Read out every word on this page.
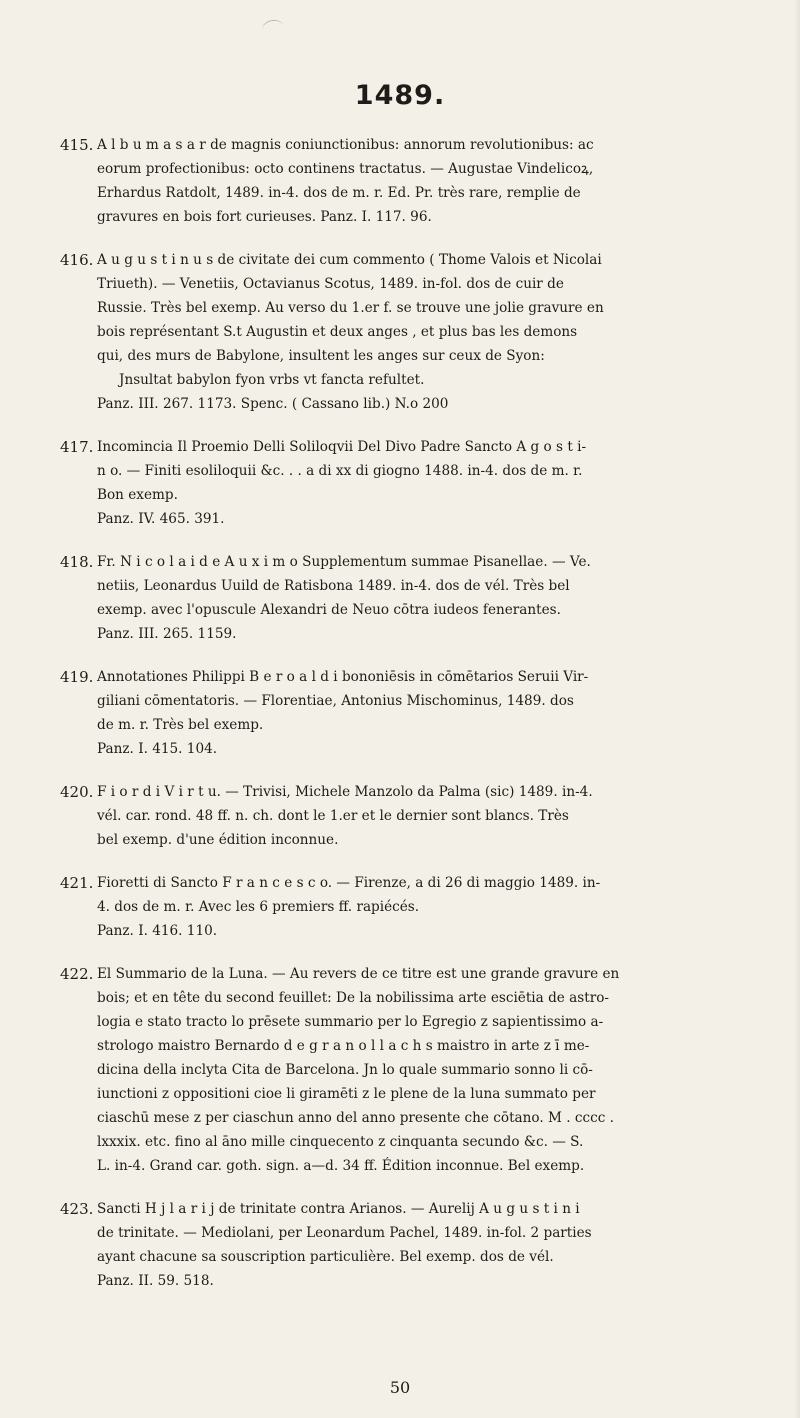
1489.
415. A l b u m a s a r de magnis coniunctionibus: annorum revolutionibus: ac
eorum profectionibus: octo continens tractatus. — Augustae Vindelicoꝝ,
Erhardus Ratdolt, 1489. in-4. dos de m. r. Ed. Pr. très rare, remplie de
gravures en bois fort curieuses. Panz. I. 117. 96.
416. A u g u s t i n u s de civitate dei cum commento ( Thome Valois et Nicolai
Triueth). — Venetiis, Octavianus Scotus, 1489. in-fol. dos de cuir de
Russie. Très bel exemp. Au verso du 1.er f. se trouve une jolie gravure en
bois représentant S.t Augustin et deux anges , et plus bas les demons
qui, des murs de Babylone, insultent les anges sur ceux de Syon:
Jnsultat babylon fyon vrbs vt fancta refultet.
Panz. III. 267. 1173. Spenc. ( Cassano lib.) N.o 200
417. Incomincia Il Proemio Delli Soliloqvii Del Divo Padre Sancto A g o s t i-
n o. — Finiti esoliloquii &c. . . a di xx di giogno 1488. in-4. dos de m. r.
Bon exemp.
Panz. IV. 465. 391.
418. Fr. N i c o l a i d e A u x i m o Supplementum summae Pisanellae. — Ve.
netiis, Leonardus Uuild de Ratisbona 1489. in-4. dos de vél. Très bel
exemp. avec l'opuscule Alexandri de Neuo cōtra iudeos fenerantes.
Panz. III. 265. 1159.
419. Annotationes Philippi B e r o a l d i bononiēsis in cōmētarios Seruii Vir-
giliani cōmentatoris. — Florentiae, Antonius Mischominus, 1489. dos
de m. r. Très bel exemp.
Panz. I. 415. 104.
420. F i o r d i V i r t u. — Trivisi, Michele Manzolo da Palma (sic) 1489. in-4.
vél. car. rond. 48 ff. n. ch. dont le 1.er et le dernier sont blancs. Très
bel exemp. d'une édition inconnue.
421. Fioretti di Sancto F r a n c e s c o. — Firenze, a di 26 di maggio 1489. in-
4. dos de m. r. Avec les 6 premiers ff. rapiécés.
Panz. I. 416. 110.
422. El Summario de la Luna. — Au revers de ce titre est une grande gravure en
bois; et en tête du second feuillet: De la nobilissima arte esciētia de astro-
logia e stato tracto lo prēsete summario per lo Egregio z sapientissimo a-
strologo maistro Bernardo d e g r a n o l l a c h s maistro in arte z ī me-
dicina della inclyta Cita de Barcelona. Jn lo quale summario sonno li cō-
iunctioni z oppositioni cioe li giramēti z le plene de la luna summato per
ciaschū mese z per ciaschun anno del anno presente che cōtano. M . cccc .
lxxxix. etc. fino al āno mille cinquecento z cinquanta secundo &c. — S.
L. in-4. Grand car. goth. sign. a—d. 34 ff. Édition inconnue. Bel exemp.
423. Sancti H j l a r i j de trinitate contra Arianos. — Aurelij A u g u s t i n i
de trinitate. — Mediolani, per Leonardum Pachel, 1489. in-fol. 2 parties
ayant chacune sa souscription particulière. Bel exemp. dos de vél.
Panz. II. 59. 518.
50
